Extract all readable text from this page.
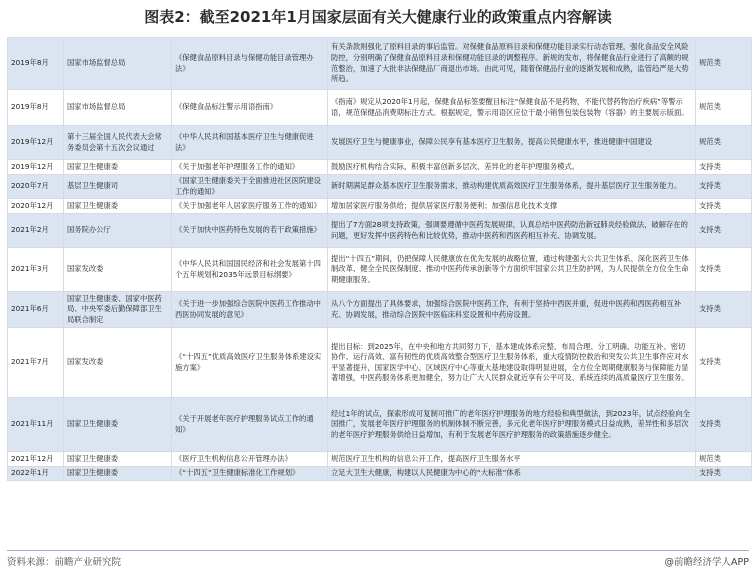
图表2：截至2021年1月国家层面有关大健康行业的政策重点内容解读
2019年8月	国家市场监督总局	《保健食品原料目录与保健功能目录管理办法》	有关条款则强化了原料目录的事后监管。对保健食品原料目录和保健功能目录实行动态管理，强化食品安全风险防控，分别明确了保健食品原料目录和保健功能目录的调整程序。新规的发布，将保健食品行业进行了高额的规范整治，加速了大批非法保健品厂商退出市场。由此可见，随着保健品行业的逐渐发展和成熟，监管趋严是大势所趋。	规范类
2019年8月	国家市场监督总局	《保健食品标注警示用语指南》	《指南》规定从2020年1月起，保健食品标签要醒目标注“保健食品不是药物，不能代替药物治疗疾病”等警示语，规范保健品消费期标注方式。根据规定，警示用语区应位于最小销售包装包装物（容器）的主要展示版面。	规范类
2019年12月	第十三届全国人民代表大会常务委员会第十五次会议通过	《中华人民共和国基本医疗卫生与健康促进法》	发展医疗卫生与健康事业，保障公民享有基本医疗卫生服务，提高公民健康水平，推进健康中国建设	规范类
2019年12月	国家卫生健康委	《关于加强老年护理服务工作的通知》	鼓励医疗机构结合实际，积极丰富创新多层次、差异化的老年护理服务模式。	支持类
2020年7月	基层卫生健康司	《国家卫生健康委关于全面推进社区医院建设工作的通知》	新时期满足群众基本医疗卫生服务需求，推动构建优质高效医疗卫生服务体系，提升基层医疗卫生服务能力。	支持类
2020年12月	国家卫生健康委	《关于加强老年人居家医疗服务工作的通知》	增加居家医疗服务供给；提供居家医疗服务便利；加强信息化技术支撑	支持类
2021年2月	国务院办公厅	《关于加快中医药特色发展的若干政策措施》	提出了7方面28项支持政策，强调要遵循中医药发展规律，认真总结中医药防治新冠肺炎经验做法，破解存在的问题，更好发挥中医药特色和比较优势，推动中医药和西医药相互补充、协调发展。	支持类
2021年3月	国家发改委	《中华人民共和国国民经济和社会发展第十四个五年规划和2035年远景目标纲要》	提出“十四五”期间，仍把保障人民健康放在优先发展的战略位置，通过构建强大公共卫生体系、深化医药卫生体制改革、健全全民医保制度、推动中医药传承创新等个方面织牢国家公共卫生防护网，为人民提供全方位全生命期健康服务。	支持类
2021年6月	国家卫生健康委、国家中医药局、中央军委后勤保障部卫生局联合制定	《关于进一步加强综合医院中医药工作推动中西医协同发展的意见》	从八个方面提出了具体要求，加强综合医院中医药工作，有利于坚持中西医并重，促进中医药和西医药相互补充、协调发展，推动综合医院中医临床科室设置和中药房设置。	支持类
2021年7月	国家发改委	《“十四五”优质高效医疗卫生服务体系建设实施方案》	提出目标：到2025年，在中央和地方共同努力下，基本建成体系完整、布局合理、分工明确、功能互补、密切协作、运行高效、富有韧性的优质高效整合型医疗卫生服务体系，重大疫情防控救治和突发公共卫生事件应对水平显著提升，国家医学中心、区域医疗中心等重大基地建设取得明显进展，全方位全周期健康服务与保障能力显著增强，中医药服务体系更加健全，努力让广大人民群众就近享有公平可及、系统连续的高质量医疗卫生服务。	支持类
2021年11月	国家卫生健康委	《关于开展老年医疗护理服务试点工作的通知》	经过1年的试点，探索形成可复制可推广的老年医疗护理服务的地方经验和典型做法，到2023年，试点经验向全国推广，发展老年医疗护理服务的机制体制不断完善，多元化老年医疗护理服务模式日益成熟，差异性和多层次的老年医疗护理服务供给日益增加，有利于发展老年医疗护理服务的政策措施逐步健全。	支持类
2021年12月	国家卫生健康委	《医疗卫生机构信息公开管理办法》	规范医疗卫生机构的信息公开工作，提高医疗卫生服务水平	规范类
2022年1月	国家卫生健康委	《“十四五”卫生健康标准化工作规划》	立足大卫生大健康，构建以人民健康为中心的“大标准”体系	支持类
资料来源：前瞻产业研究院	@前瞻经济学人APP
